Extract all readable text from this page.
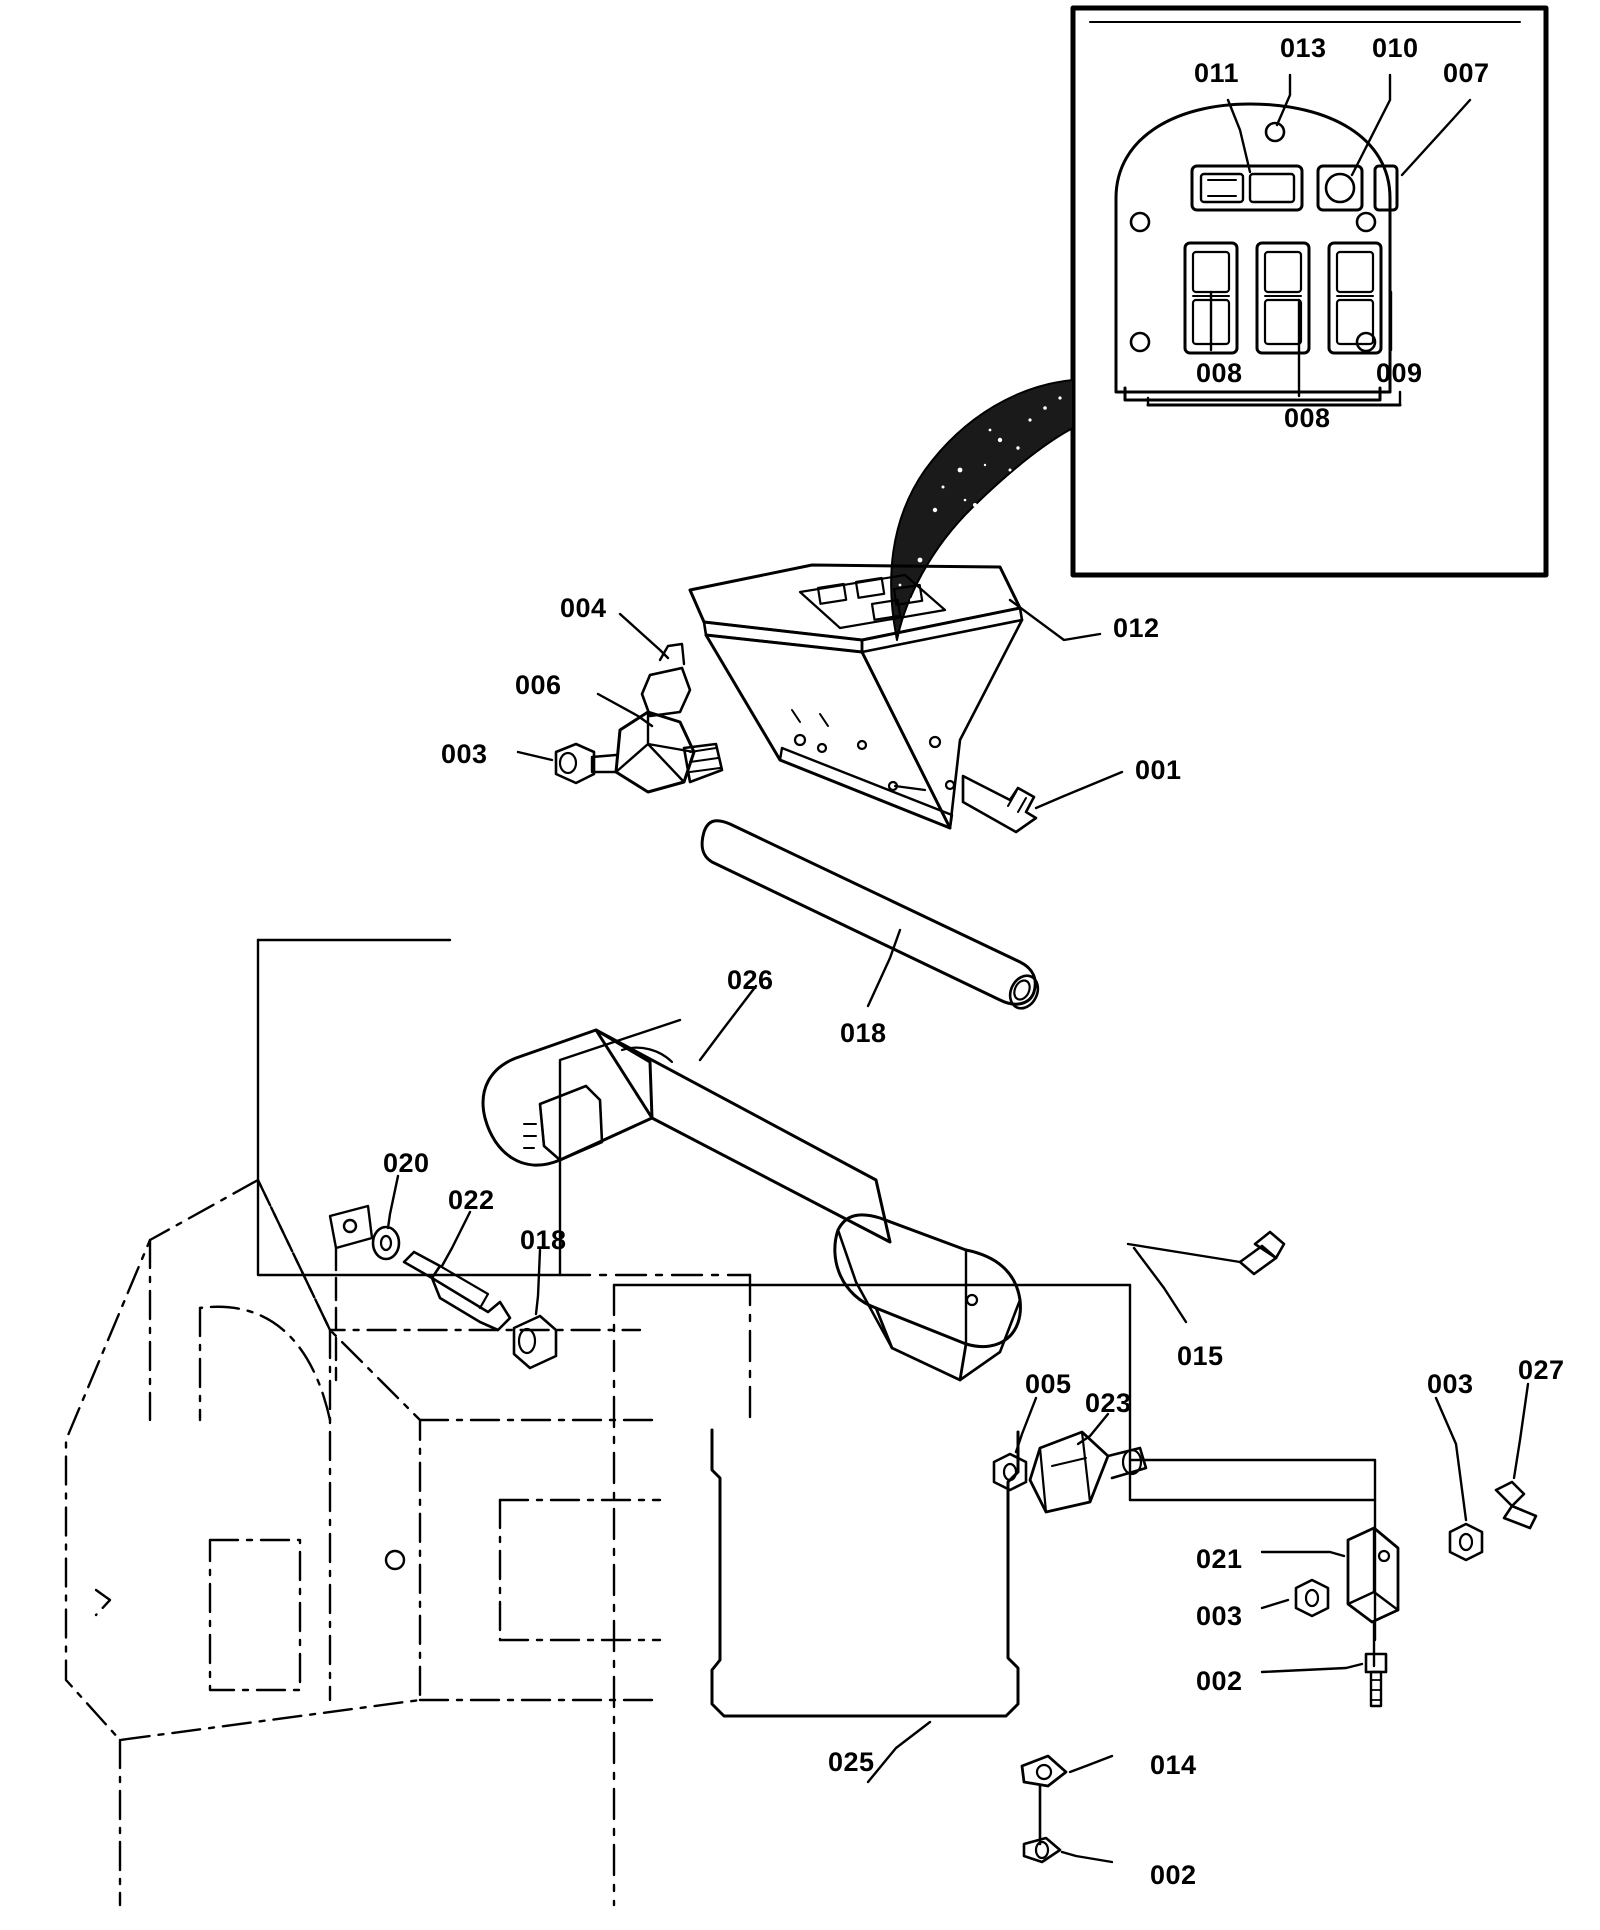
011
013 010
007
008	009
008
004
012
006
003
001
026
018
020
022
018
015
005
023
003 027
021
003
002
025	014
002
